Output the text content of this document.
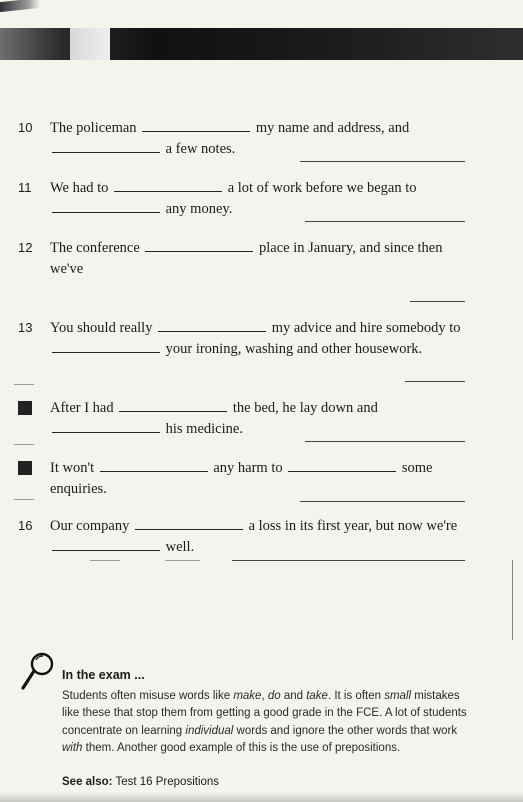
10	The policeman	my name and address, and
a few notes.
11	We had to	a lot of work before we began to
any money.
12	The conference	place in January, and since then we've
13	You should really	my advice and hire somebody to  your ironing, washing and other housework.
After I had	the bed, he lay down and
his medicine.
It won't	any harm to	some enquiries.
16	Our company	a loss in its first year, but now we're  well.
In the exam ...
Students often misuse words like make, do and take. It is often small mistakes like these that stop them from getting a good grade in the FCE. A lot of students concentrate on learning individual words and ignore the other words that work with them. Another good example of this is the use of prepositions.
See also: Test 16 Prepositions
